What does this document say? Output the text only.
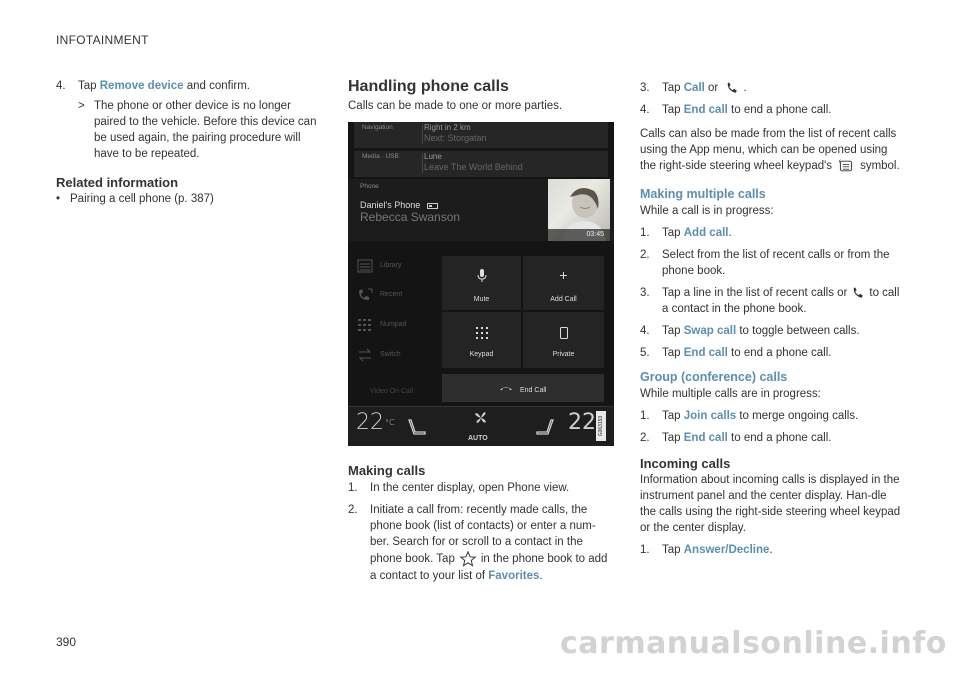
INFOTAINMENT
390	carmanualsonline.info
4.	Tap Remove device and confirm.
> The phone or other device is no longer paired to the vehicle. Before this device can be used again, the pairing procedure will have to be repeated.
Related information
• Pairing a cell phone (p. 387)
Handling phone calls
Calls can be made to one or more parties.
Navigation	Right in 2 km
Next: Storgatan
Media · USB	Lune
Leave The World Behind
Phone
Daniel's Phone
Rebecca Swanson
03:45
Library
Recent
Numpad
Switch
Video On Call
Mute
+
Add Call
Keypad	Private
End Call
$22^{^\circ C}$
AUTO
22 G063193
Making calls
1.	In the center display, open Phone view.
2.	Initiate a call from: recently made calls, the phone book (list of contacts) or enter a num-ber. Search for or scroll to a contact in the phone book. Tap in the phone book to add a contact to your list of Favorites.
3.	Tap Call or .
4.	Tap End call to end a phone call.
Calls can also be made from the list of recent calls using the App menu, which can be opened using the right-side steering wheel keypad's symbol.
Making multiple calls
While a call is in progress:
1.	Tap Add call.
2.	Select from the list of recent calls or from the phone book.
3.	Tap a line in the list of recent calls or to call a contact in the phone book.
4.	Tap Swap call to toggle between calls.
5.	Tap End call to end a phone call.
Group (conference) calls
While multiple calls are in progress:
1.	Tap Join calls to merge ongoing calls.
2.	Tap End call to end a phone call.
Incoming calls
Information about incoming calls is displayed in the instrument panel and the center display. Han-dle the calls using the right-side steering wheel keypad or the center display.
1.	Tap Answer/Decline.
